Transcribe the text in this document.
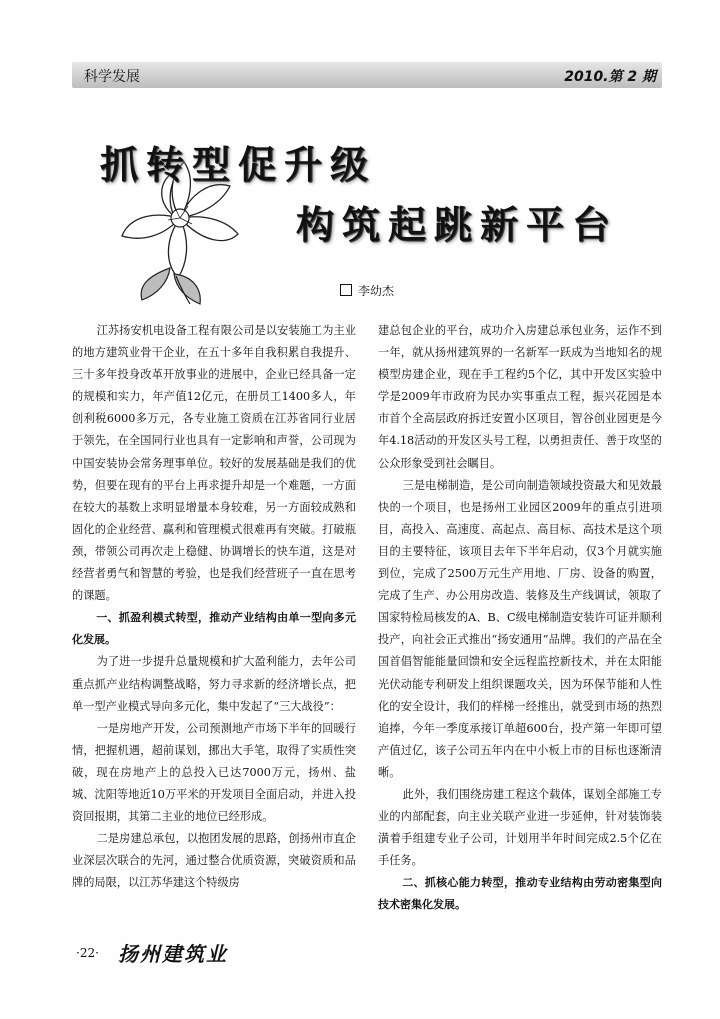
科学发展	2010.第 2 期
抓转型促升级
构筑起跳新平台
李幼杰

江苏扬安机电设备工程有限公司是以安装施工为主业的地方建筑业骨干企业，在五十多年自我积累自我提升、三十多年投身改革开放事业的进展中，企业已经具备一定的规模和实力，年产值12亿元，在册员工1400多人，年创利税6000多万元，各专业施工资质在江苏省同行业居于领先，在全国同行业也具有一定影响和声誉，公司现为中国安装协会常务理事单位。较好的发展基础是我们的优势，但要在现有的平台上再求提升却是一个难题，一方面在较大的基数上求明显增量本身较难，另一方面较成熟和固化的企业经营、赢利和管理模式很难再有突破。打破瓶颈，带领公司再次走上稳健、协调增长的快车道，这是对经营者勇气和智慧的考验，也是我们经营班子一直在思考的课题。

一、抓盈利模式转型，推动产业结构由单一型向多元化发展。

为了进一步提升总量规模和扩大盈利能力，去年公司重点抓产业结构调整战略，努力寻求新的经济增长点，把单一型产业模式导向多元化，集中发起了“三大战役”：

一是房地产开发，公司预测地产市场下半年的回暖行情，把握机遇，超前谋划，挪出大手笔，取得了实质性突破，现在房地产上的总投入已达7000万元，扬州、盐城、沈阳等地近10万平米的开发项目全面启动，并进入投资回报期，其第二主业的地位已经形成。

二是房建总承包，以抱团发展的思路，创扬州市直企业深层次联合的先河，通过整合优质资源，突破资质和品牌的局限，以江苏华建这个特级房

建总包企业的平台，成功介入房建总承包业务，运作不到一年，就从扬州建筑界的一名新军一跃成为当地知名的规模型房建企业，现在手工程约5个亿，其中开发区实验中学是2009年市政府为民办实事重点工程，振兴花园是本市首个全高层政府拆迁安置小区项目，智谷创业园更是今年4.18活动的开发区头号工程，以勇担责任、善于攻坚的公众形象受到社会瞩目。

三是电梯制造，是公司向制造领域投资最大和见效最快的一个项目，也是扬州工业园区2009年的重点引进项目，高投入、高速度、高起点、高目标、高技术是这个项目的主要特征，该项目去年下半年启动，仅3个月就实施到位，完成了2500万元生产用地、厂房、设备的购置，完成了生产、办公用房改造、装修及生产线调试，领取了国家特检局核发的A、B、C级电梯制造安装许可证并顺利投产，向社会正式推出“扬安通用”品牌。我们的产品在全国首倡智能能量回馈和安全远程监控新技术，并在太阳能光伏动能专利研发上组织课题攻关，因为环保节能和人性化的安全设计，我们的样梯一经推出，就受到市场的热烈追捧，今年一季度承接订单超600台，投产第一年即可望产值过亿，该子公司五年内在中小板上市的目标也逐渐清晰。

此外，我们围绕房建工程这个载体，谋划全部施工专业的内部配套，向主业关联产业进一步延伸，针对装饰装潢着手组建专业子公司，计划用半年时间完成2.5个亿在手任务。

二、抓核心能力转型，推动专业结构由劳动密集型向技术密集化发展。

·22· 扬州建筑业
